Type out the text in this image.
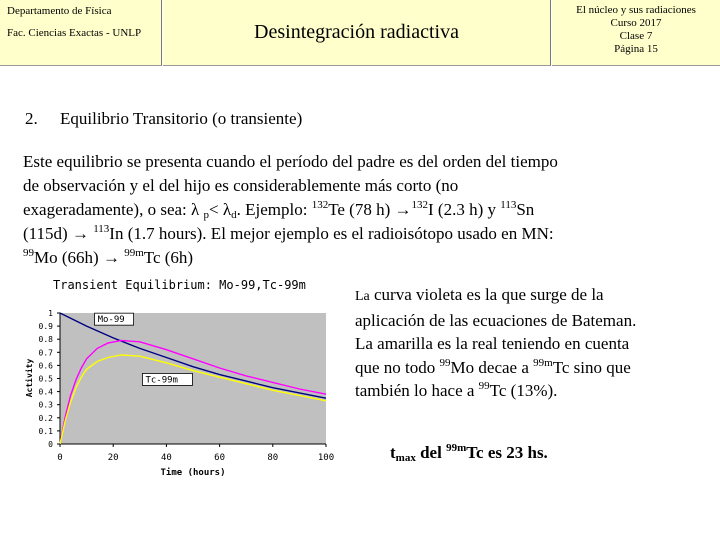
Departamento de Física
Fac. Ciencias Exactas - UNLP	Desintegración radiactiva
El núcleo y sus radiaciones
Curso 2017
Clase 7
Página 15
2. Equilibrio Transitorio (o transiente)
Este equilibrio se presenta cuando el período del padre es del orden del tiempo
de observación y el del hijo es considerablemente más corto (no
exageradamente), o sea: λ $_p< \lambda_d$. Ejemplo: $^{132}$Te (78 h) →$^{132}$I (2.3 h) y $^{113}$Sn
(115d) → $^{113}$In (1.7 hours). El mejor ejemplo es el radioisótopo usado en MN:
$^{99}$Mo (66h) → $^{99m}$Tc (6h)
Transient Equilibrium: Mo-99,Tc-99m
0
0.1
0.2
0.3
0.4
0.5
0.6
0.7
0.8
0.9
1
0	20	40	60	80	100
Activity
Time (hours)
Mo-99
Tc-99m
La curva violeta es la que surge de la
aplicación de las ecuaciones de Bateman.
La amarilla es la real teniendo en cuenta
que no todo $^{99}$Mo decae a $^{99m}$Tc sino que
también lo hace a $^{99}$Tc (13%).
$t_{max}$ del $^{99m}$Tc es 23 hs.
